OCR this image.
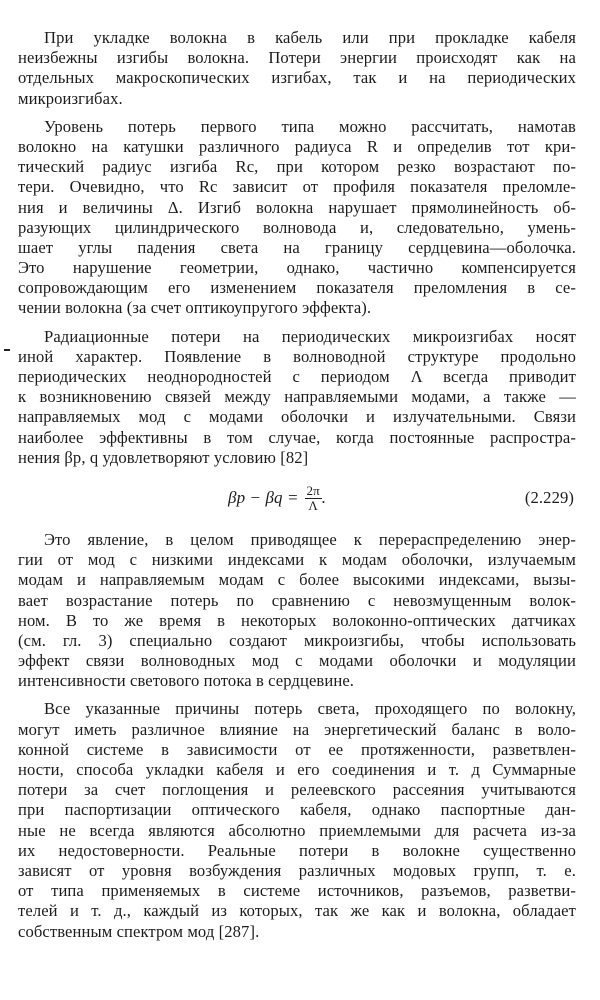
При укладке волокна в кабель или при прокладке кабеля
неизбежны изгибы волокна. Потери энергии происходят как на
отдельных макроскопических изгибах, так и на периодических
микроизгибах.
Уровень потерь первого типа можно рассчитать, намотав
волокно на катушки различного радиуса R и определив тот кри-
тический радиус изгиба Rc, при котором резко возрастают по-
тери. Очевидно, что Rc зависит от профиля показателя преломле-
ния и величины Δ. Изгиб волокна нарушает прямолинейность об-
разующих цилиндрического волновода и, следовательно, умень-
шает углы падения света на границу сердцевина—оболочка.
Это нарушение геометрии, однако, частично компенсируется
сопровождающим его изменением показателя преломления в се-
чении волокна (за счет оптикоупругого эффекта).
Радиационные потери на периодических микроизгибах носят
иной характер. Появление в волноводной структуре продольно
периодических неоднородностей с периодом Λ всегда приводит
к возникновению связей между направляемыми модами, а также —
направляемых мод с модами оболочки и излучательными. Связи
наиболее эффективны в том случае, когда постоянные распростра-
нения βp, q удовлетворяют условию [82]
$\beta p - \beta q = \frac{2\pi}{\Lambda}$ .	(2.229)
Это явление, в целом приводящее к перераспределению энер-
гии от мод с низкими индексами к модам оболочки, излучаемым
модам и направляемым модам с более высокими индексами, вызы-
вает возрастание потерь по сравнению с невозмущенным волок-
ном. В то же время в некоторых волоконно-оптических датчиках
(см. гл. 3) специально создают микроизгибы, чтобы использовать
эффект связи волноводных мод с модами оболочки и модуляции
интенсивности светового потока в сердцевине.
Все указанные причины потерь света, проходящего по волокну,
могут иметь различное влияние на энергетический баланс в воло-
конной системе в зависимости от ее протяженности, разветвлен-
ности, способа укладки кабеля и его соединения и т. д Суммарные
потери за счет поглощения и релеевского рассеяния учитываются
при паспортизации оптического кабеля, однако паспортные дан-
ные не всегда являются абсолютно приемлемыми для расчета из-за
их недостоверности. Реальные потери в волокне существенно
зависят от уровня возбуждения различных модовых групп, т. е.
от типа применяемых в системе источников, разъемов, разветви-
телей и т. д., каждый из которых, так же как и волокна, обладает
собственным спектром мод [287].
